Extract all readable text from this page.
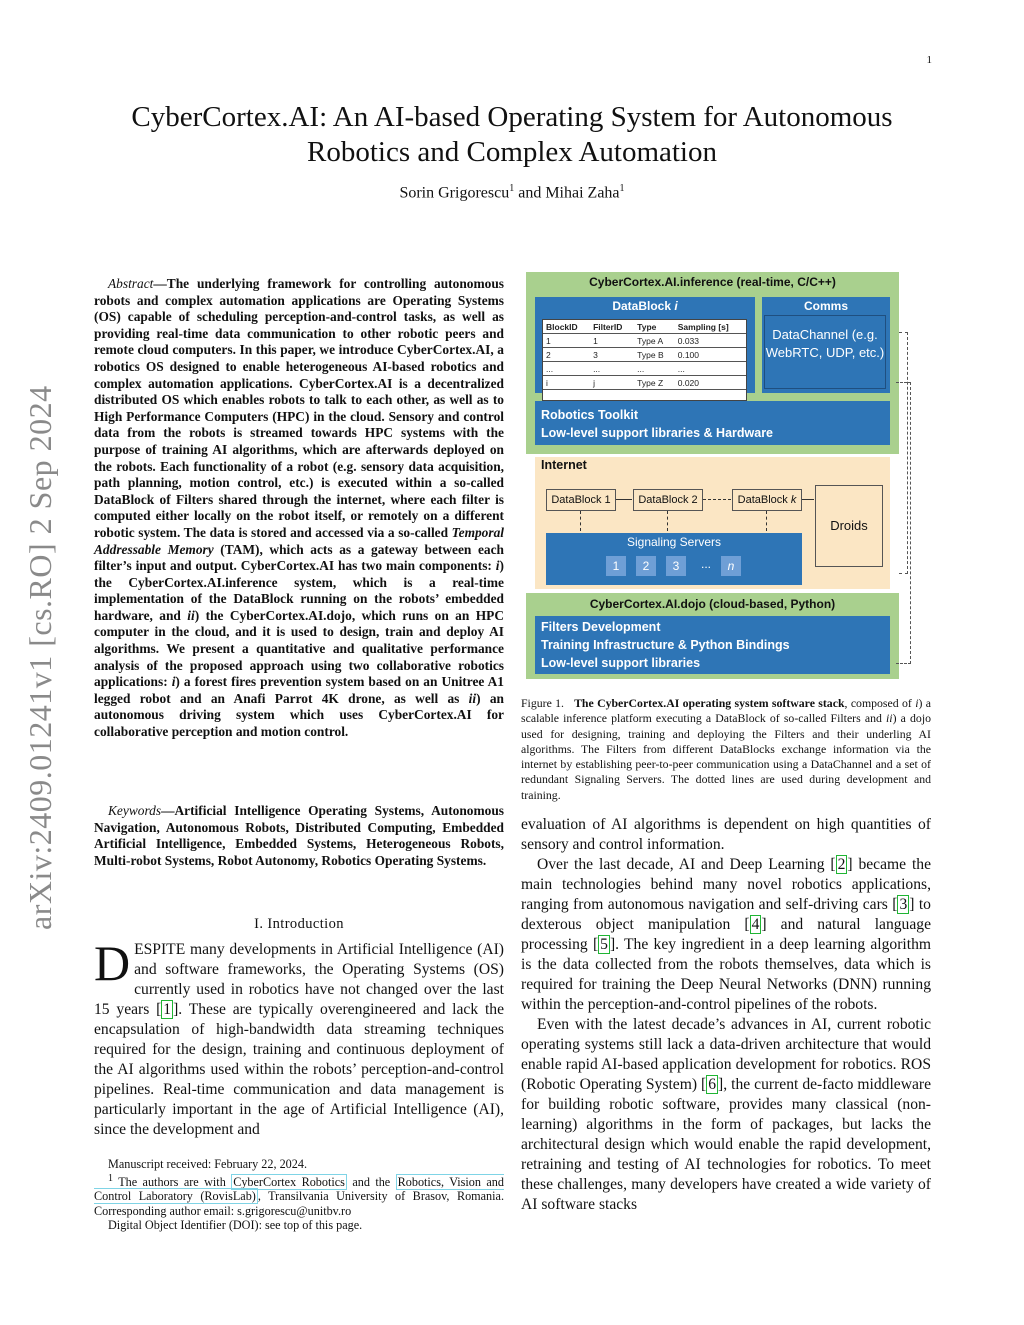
1
arXiv:2409.01241v1 [cs.RO] 2 Sep 2024
CyberCortex.AI: An AI-based Operating System for Autonomous Robotics and Complex Automation
Sorin Grigorescu$^1$ and Mihai Zaha$^1$
Abstract—The underlying framework for controlling autonomous robots and complex automation applications are Operating Systems (OS) capable of scheduling perception-and-control tasks, as well as providing real-time data communication to other robotic peers and remote cloud computers. In this paper, we introduce CyberCortex.AI, a robotics OS designed to enable heterogeneous AI-based robotics and complex automation applications. CyberCortex.AI is a decentralized distributed OS which enables robots to talk to each other, as well as to High Performance Computers (HPC) in the cloud. Sensory and control data from the robots is streamed towards HPC systems with the purpose of training AI algorithms, which are afterwards deployed on the robots. Each functionality of a robot (e.g. sensory data acquisition, path planning, motion control, etc.) is executed within a so-called DataBlock of Filters shared through the internet, where each filter is computed either locally on the robot itself, or remotely on a different robotic system. The data is stored and accessed via a so-called Temporal Addressable Memory (TAM), which acts as a gateway between each filter’s input and output. CyberCortex.AI has two main components: i) the CyberCortex.AI.inference system, which is a real-time implementation of the DataBlock running on the robots’ embedded hardware, and ii) the CyberCortex.AI.dojo, which runs on an HPC computer in the cloud, and it is used to design, train and deploy AI algorithms. We present a quantitative and qualitative performance analysis of the proposed approach using two collaborative robotics applications: i) a forest fires prevention system based on an Unitree A1 legged robot and an Anafi Parrot 4K drone, as well as ii) an autonomous driving system which uses CyberCortex.AI for collaborative perception and motion control.
Keywords—Artificial Intelligence Operating Systems, Autonomous Navigation, Autonomous Robots, Distributed Computing, Embedded Artificial Intelligence, Embedded Systems, Heterogeneous Robots, Multi-robot Systems, Robot Autonomy, Robotics Operating Systems.
I. Introduction
DESPITE many developments in Artificial Intelligence (AI) and software frameworks, the Operating Systems (OS) currently used in robotics have not changed over the last 15 years [ 1 ]. These are typically overengineered and lack the encapsulation of high-bandwidth data streaming techniques required for the design, training and continuous deployment of the AI algorithms used within the robots’ perception-and-control pipelines. Real-time communication and data management is particularly important in the age of Artificial Intelligence (AI), since the development and
Manuscript received: February 22, 2024.
$^1$ The authors are with CyberCortex Robotics and the Robotics, Vision and Control Laboratory (RovisLab) , Transilvania University of Brasov, Romania. Corresponding author email: s.grigorescu@unitbv.ro
Digital Object Identifier (DOI): see top of this page.
CyberCortex.AI.inference (real-time, C/C++)
DataBlock i
BlockID	FilterID	Type	Sampling [s]
1	1	Type A	0.033
2	3	Type B	0.100
...	...	...	...
i	j	Type Z	0.020
Comms
DataChannel (e.g. WebRTC, UDP, etc.)
Robotics Toolkit
Low-level support libraries & Hardware
Internet
DataBlock 1	DataBlock 2	DataBlock k
Droids
Signaling Servers
1	2	3	...	n
CyberCortex.AI.dojo (cloud-based, Python)
Filters Development
Training Infrastructure & Python Bindings
Low-level support libraries
Figure 1. The CyberCortex.AI operating system software stack, composed of i) a scalable inference platform executing a DataBlock of so-called Filters and ii) a dojo used for designing, training and deploying the Filters and their underling AI algorithms. The Filters from different DataBlocks exchange information via the internet by establishing peer-to-peer communication using a DataChannel and a set of redundant Signaling Servers. The dotted lines are used during development and training.

evaluation of AI algorithms is dependent on high quantities of sensory and control information.

Over the last decade, AI and Deep Learning [ 2 ] became the main technologies behind many novel robotics applications, ranging from autonomous navigation and self-driving cars [ 3 ] to dexterous object manipulation [ 4 ] and natural language processing [ 5 ]. The key ingredient in a deep learning algorithm is the data collected from the robots themselves, data which is required for training the Deep Neural Networks (DNN) running within the perception-and-control pipelines of the robots.

Even with the latest decade’s advances in AI, current robotic operating systems still lack a data-driven architecture that would enable rapid AI-based application development for robotics. ROS (Robotic Operating System) [ 6 ], the current de-facto middleware for building robotic software, provides many classical (non-learning) algorithms in the form of packages, but lacks the architectural design which would enable the rapid development, retraining and testing of AI technologies for robotics. To meet these challenges, many developers have created a wide variety of AI software stacks
